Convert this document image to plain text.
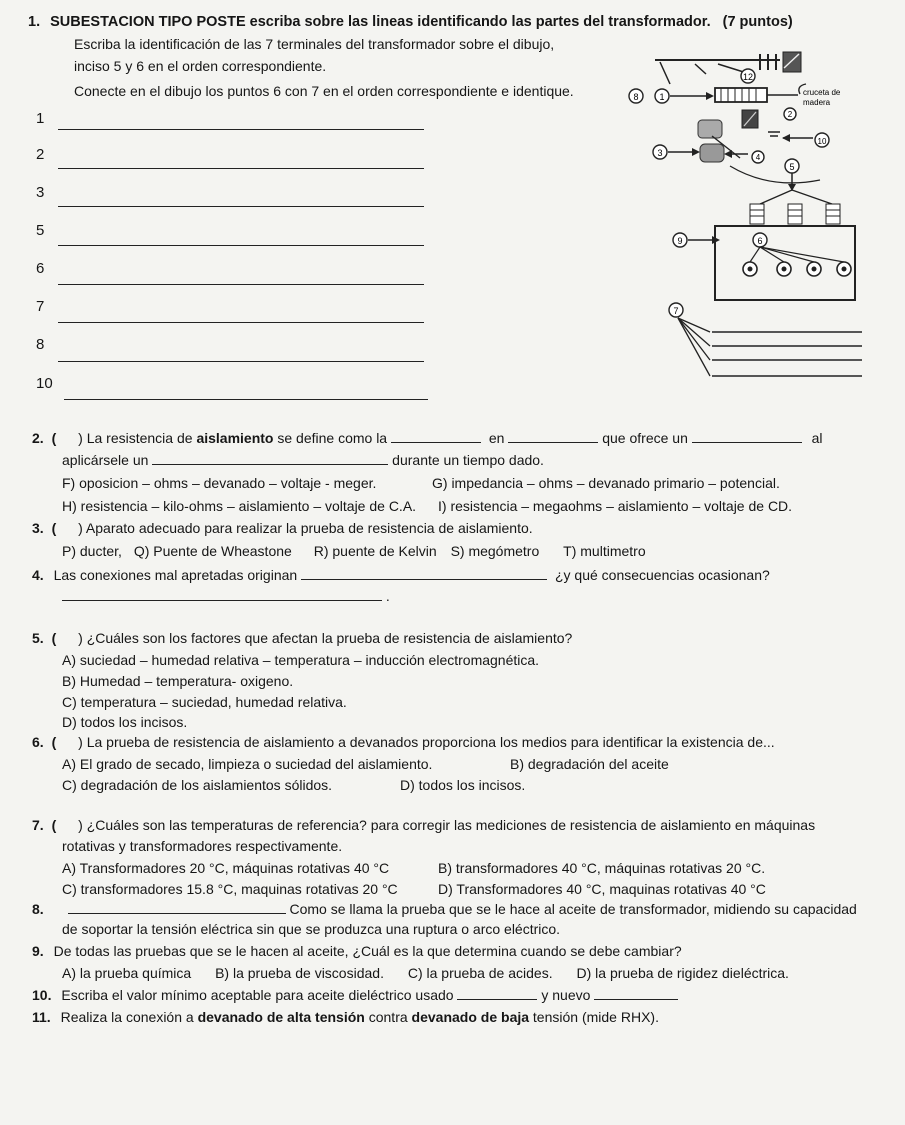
1. SUBESTACION TIPO POSTE escriba sobre las lineas identificando las partes del transformador. (7 puntos)
Escriba la identificación de las 7 terminales del transformador sobre el dibujo,
inciso 5 y 6 en el orden correspondiente.
Conecte en el dibujo los puntos 6 con 7 en el orden correspondiente e identique.
1
2
3
5
6
7
8
10
12
cruceta de
madera
8 1
2
10
3	4
5
9	6
7
2. ( ) La resistencia de aislamiento se define como la	en	que ofrece un	al
aplicársele un	durante un tiempo dado.
F) oposicion – ohms – devanado – voltaje - meger.	G) impedancia – ohms – devanado primario – potencial.
H) resistencia – kilo-ohms – aislamiento – voltaje de C.A. I) resistencia – megaohms – aislamiento – voltaje de CD.
3. ( ) Aparato adecuado para realizar la prueba de resistencia de aislamiento.
P) ducter, Q) Puente de Wheastone R) puente de Kelvin S) megómetro T) multimetro
4. Las conexiones mal apretadas originan	¿y qué consecuencias ocasionan?
.
5. ( ) ¿Cuáles son los factores que afectan la prueba de resistencia de aislamiento?
A) suciedad – humedad relativa – temperatura – inducción electromagnética.
B) Humedad – temperatura- oxigeno.
C) temperatura – suciedad, humedad relativa.
D) todos los incisos.
6. ( ) La prueba de resistencia de aislamiento a devanados proporciona los medios para identificar la existencia de...
A) El grado de secado, limpieza o suciedad del aislamiento.	B) degradación del aceite
C) degradación de los aislamientos sólidos.	D) todos los incisos.
7. ( ) ¿Cuáles son las temperaturas de referencia? para corregir las mediciones de resistencia de aislamiento en máquinas
rotativas y transformadores respectivamente.
A) Transformadores 20 °C, máquinas rotativas 40 °C	B) transformadores 40 °C, máquinas rotativas 20 °C.
C) transformadores 15.8 °C, maquinas rotativas 20 °C	D) Transformadores 40 °C, maquinas rotativas 40 °C
8.	Como se llama la prueba que se le hace al aceite de transformador, midiendo su capacidad
de soportar la tensión eléctrica sin que se produzca una ruptura o arco eléctrico.
9. De todas las pruebas que se le hacen al aceite, ¿Cuál es la que determina cuando se debe cambiar?
A) la prueba química B) la prueba de viscosidad. C) la prueba de acides. D) la prueba de rigidez dieléctrica.
10. Escriba el valor mínimo aceptable para aceite dieléctrico usado	y nuevo
11. Realiza la conexión a devanado de alta tensión contra devanado de baja tensión (mide RHX).
